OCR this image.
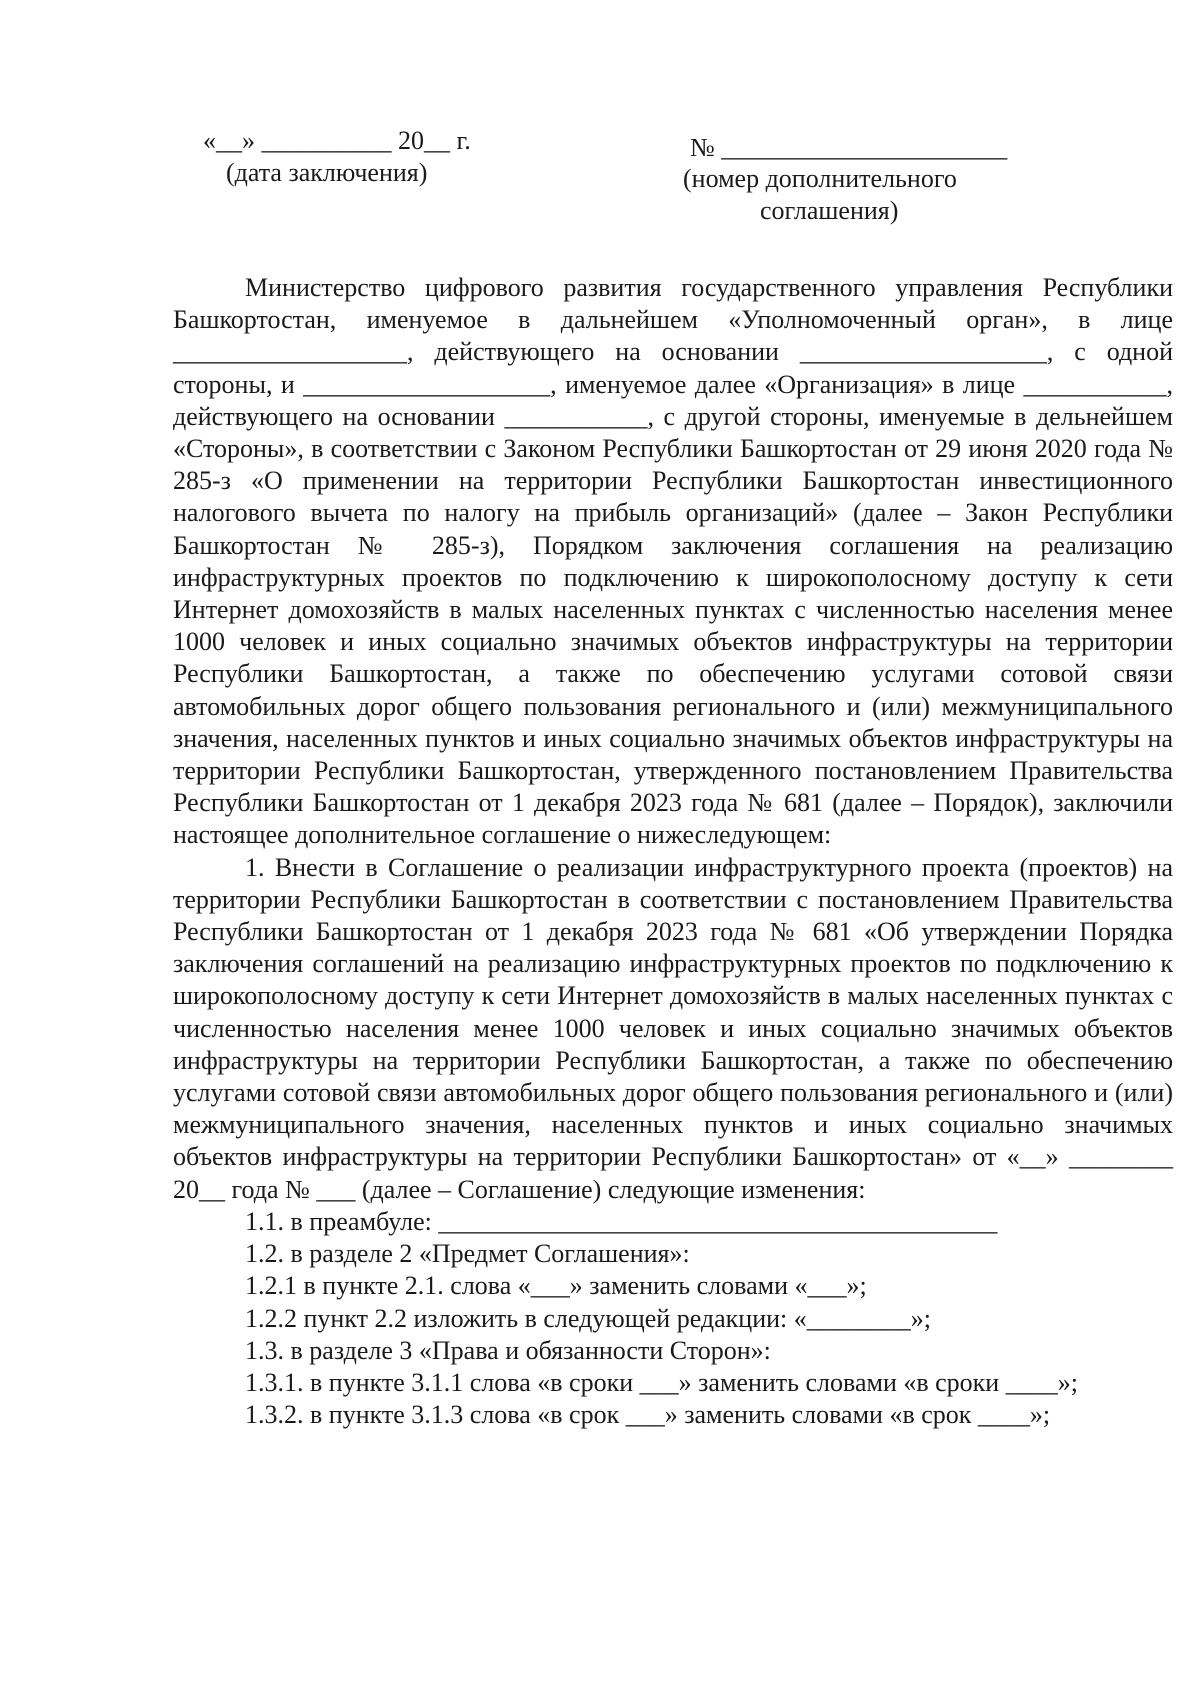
«__» __________ 20__ г.
(дата заключения)
№ ______________________
(номер дополнительного
соглашения)

Министерство цифрового развития государственного управления Республики Башкортостан, именуемое в дальнейшем «Уполномоченный орган», в лице __________________, действующего на основании ___________________, с одной стороны, и ___________________, именуемое далее «Организация» в лице ___________, действующего на основании ___________, с другой стороны, именуемые в дельнейшем «Стороны», в соответствии с Законом Республики Башкортостан от 29 июня 2020 года № 285-з «О применении на территории Республики Башкортостан инвестиционного налогового вычета по налогу на прибыль организаций» (далее – Закон Республики Башкортостан № 285-з), Порядком заключения соглашения на реализацию инфраструктурных проектов по подключению к широкополосному доступу к сети Интернет домохозяйств в малых населенных пунктах с численностью населения менее 1000 человек и иных социально значимых объектов инфраструктуры на территории Республики Башкортостан, а также по обеспечению услугами сотовой связи автомобильных дорог общего пользования регионального и (или) межмуниципального значения, населенных пунктов и иных социально значимых объектов инфраструктуры на территории Республики Башкортостан, утвержденного постановлением Правительства Республики Башкортостан от 1 декабря 2023 года № 681 (далее – Порядок), заключили настоящее дополнительное соглашение о нижеследующем:

1. Внести в Соглашение о реализации инфраструктурного проекта (проектов) на территории Республики Башкортостан в соответствии с постановлением Правительства Республики Башкортостан от 1 декабря 2023 года № 681 «Об утверждении Порядка заключения соглашений на реализацию инфраструктурных проектов по подключению к широкополосному доступу к сети Интернет домохозяйств в малых населенных пунктах с численностью населения менее 1000 человек и иных социально значимых объектов инфраструктуры на территории Республики Башкортостан, а также по обеспечению услугами сотовой связи автомобильных дорог общего пользования регионального и (или) межмуниципального значения, населенных пунктов и иных социально значимых объектов инфраструктуры на территории Республики Башкортостан» от «__» ________ 20__ года № ___ (далее – Соглашение) следующие изменения:

1.1. в преамбуле: ___________________________________________

1.2. в разделе 2 «Предмет Соглашения»:

1.2.1 в пункте 2.1. слова «___» заменить словами «___»;

1.2.2 пункт 2.2 изложить в следующей редакции: «________»;

1.3. в разделе 3 «Права и обязанности Сторон»:

1.3.1. в пункте 3.1.1 слова «в сроки ___» заменить словами «в сроки ____»;

1.3.2. в пункте 3.1.3 слова «в срок ___» заменить словами «в срок ____»;
